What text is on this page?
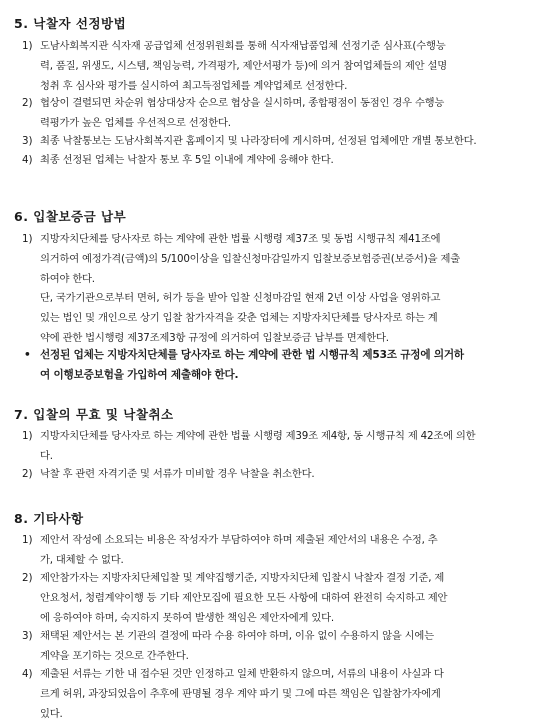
5. 낙찰자 선정방법
1) 도남사회복지관 식자재 공급업체 선정위원회를 통해 식자재납품업체 선정기준 심사표(수행능
력, 품질, 위생도, 시스템, 책임능력, 가격평가, 제안서평가 등)에 의거 참여업체들의 제안 설명
청취 후 심사와 평가를 실시하여 최고득점업체를 계약업체로 선정한다.
2) 협상이 결렬되면 차순위 협상대상자 순으로 협상을 실시하며, 종합평점이 동점인 경우 수행능
력평가가 높은 업체를 우선적으로 선정한다.
3) 최종 낙찰통보는 도남사회복지관 홈페이지 및 나라장터에 게시하며, 선정된 업체에만 개별 통보한다.
4) 최종 선정된 업체는 낙찰자 통보 후 5일 이내에 계약에 응해야 한다.
6. 입찰보증금 납부
1) 지방자치단체를 당사자로 하는 계약에 관한 법률 시행령 제37조 및 동법 시행규칙 제41조에
의거하여 예정가격(금액)의 5/100이상을 입찰신청마감일까지 입찰보증보험증권(보증서)을 제출
하여야 한다.
단, 국가기관으로부터 면허, 허가 등을 받아 입찰 신청마감일 현재 2년 이상 사업을 영위하고
있는 법인 및 개인으로 상기 입찰 참가자격을 갖춘 업체는 지방자치단체를 당사자로 하는 계
약에 관한 법시행령 제37조제3항 규정에 의거하여 입찰보증금 납부를 면제한다.
• 선정된 업체는 지방자치단체를 당사자로 하는 계약에 관한 법 시행규칙 제53조 규정에 의거하
여 이행보증보험을 가입하여 제출해야 한다.
7. 입찰의 무효 및 낙찰취소
1) 지방자치단체를 당사자로 하는 계약에 관한 법률 시행령 제39조 제4항, 동 시행규칙 제 42조에 의한
다.
2) 낙찰 후 관련 자격기준 및 서류가 미비할 경우 낙찰을 취소한다.
8. 기타사항
1) 제안서 작성에 소요되는 비용은 작성자가 부담하여야 하며 제출된 제안서의 내용은 수정, 추
가, 대체할 수 없다.
2) 제안참가자는 지방자치단체입찰 및 계약집행기준, 지방자치단체 입찰시 낙찰자 결정 기준, 제
안요청서, 청렴계약이행 등 기타 제안모집에 필요한 모든 사항에 대하여 완전히 숙지하고 제안
에 응하여야 하며, 숙지하지 못하여 발생한 책임은 제안자에게 있다.
3) 채택된 제안서는 본 기관의 결정에 따라 수용 하여야 하며, 이유 없이 수용하지 않을 시에는
계약을 포기하는 것으로 간주한다.
4) 제출된 서류는 기한 내 접수된 것만 인정하고 일체 반환하지 않으며, 서류의 내용이 사실과 다
르게 허위, 과장되었음이 추후에 판명될 경우 계약 파기 및 그에 따른 책임은 입찰참가자에게
있다.
